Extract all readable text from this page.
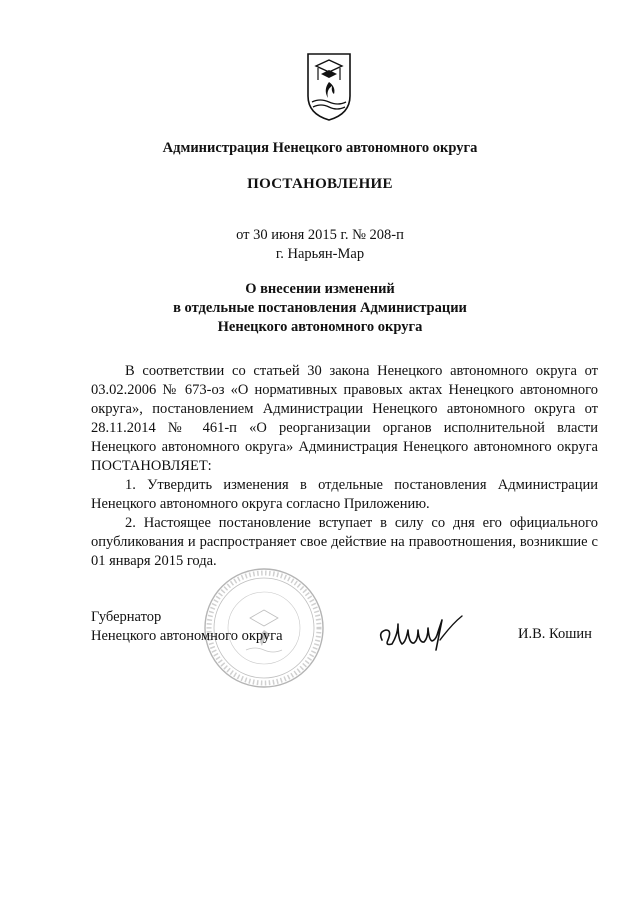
Администрация Ненецкого автономного округа
ПОСТАНОВЛЕНИЕ
от 30 июня 2015 г. № 208-п
г. Нарьян-Мар
О внесении изменений
в отдельные постановления Администрации
Ненецкого автономного округа

В соответствии со статьей 30 закона Ненецкого автономного округа от 03.02.2006 № 673-оз «О нормативных правовых актах Ненецкого автономного округа», постановлением Администрации Ненецкого автономного округа от 28.11.2014 № 461-п «О реорганизации органов исполнительной власти Ненецкого автономного округа» Администрация Ненецкого автономного округа ПОСТАНОВЛЯЕТ:

1. Утвердить изменения в отдельные постановления Администрации Ненецкого автономного округа согласно Приложению.

2. Настоящее постановление вступает в силу со дня его официального опубликования и распространяет свое действие на правоотношения, возникшие с 01 января 2015 года.

Губернатор
Ненецкого автономного округа	И.В. Кошин
